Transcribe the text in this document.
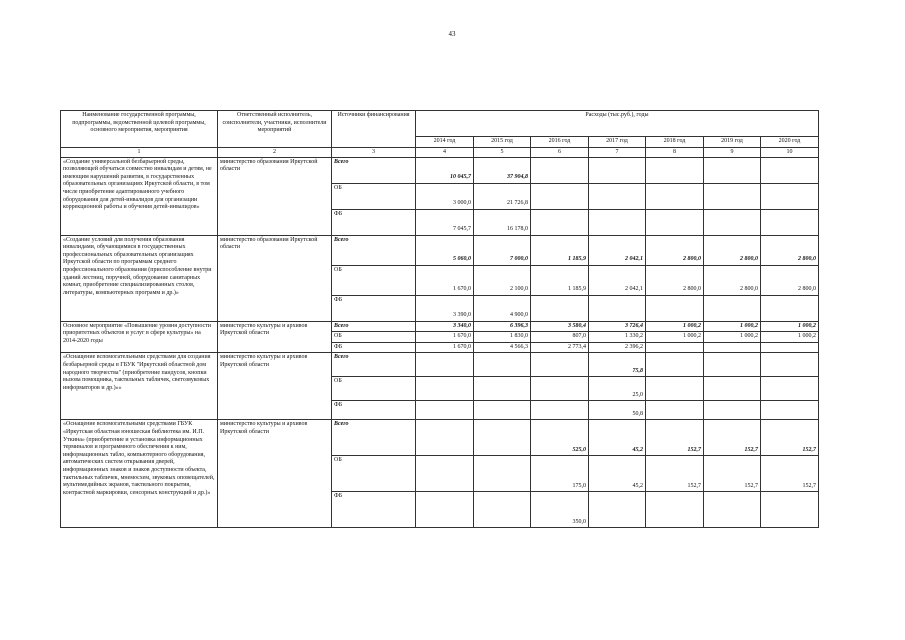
43
Наименование государственной программы, подпрограммы, ведомственной целевой программы, основного мероприятия, мероприятия	Ответственный исполнитель, соисполнители, участники, исполнители мероприятий	Источники финансирования	Расходы (тыс.руб.), годы						
			2014 год	2015 год	2016 год	2017 год	2018 год	2019 год	2020 год
1	2	3	4	5	6	7	8	9	10
«Создание универсальной безбарьерной среды, позволяющей обучаться совместно инвалидам и детям, не имеющим нарушений развития, в государственных образовательных организациях Иркутской области, в том числе приобретение адаптированного учебного оборудования для детей-инвалидов для организации коррекционной работы и обучения детей-инвалидов»	министерство образования Иркутской области	Всего	10 045,7	37 904,8					
		ОБ	3 000,0	21 726,8					
		ФБ	7 045,7	16 178,0					
«Создание условий для получения образования инвалидами, обучающимися в государственных профессиональных образовательных организациях Иркутской области по программам среднего профессионального образования (приспособление внутри зданий лестниц, поручней, оборудование санитарных комнат, приобретение специализированных столов, литературы, компьютерных программ и др.)»	министерство образования Иркутской области	Всего	5 060,0	7 000,0	1 185,9	2 042,1	2 800,0	2 800,0	2 800,0
		ОБ	1 670,0	2 100,0	1 185,9	2 042,1	2 800,0	2 800,0	2 800,0
		ФБ	3 390,0	4 900,0					
Основное мероприятие «Повышение уровня доступности приоритетных объектов и услуг в сфере культуры» на 2014-2020 годы	министерство культуры и архивов Иркутской области	Всего	3 340,0	6 396,3	3 580,4	3 726,4	1 000,2	1 000,2	1 000,2
		ОБ	1 670,0	1 830,0	807,0	1 330,2	1 000,2	1 000,2	1 000,2
		ФБ	1 670,0	4 566,3	2 773,4	2 396,2			
«Оснащение вспомогательными средствами для создания безбарьерной среды в ГБУК "Иркутский областной дом народного творчества" (приобретение пандусов, кнопки вызова помощника, тактильных табличек, светозвуковых информаторов и др.)»»	министерство культуры и архивов Иркутской области	Всего				75,8			
		ОБ				25,0			
		ФБ				50,8			
«Оснащение вспомогательными средствами ГБУК «Иркутская областная юношеская библиотека им. И.П. Уткина» (приобретение и установка информационных терминалов и программного обеспечения к ним, информационных табло, компьютерного оборудования, автоматических систем открывания дверей, информационных знаков и знаков доступности объекта, тактильных табличек, мнемосхем, звуковых оповещателей, мультимедийных экранов, тактильного покрытия, контрастной маркировки, сенсорных конструкций и др.)»	министерство культуры и архивов Иркутской области	Всего			525,0	45,2	152,7	152,7	152,7
		ОБ			175,0	45,2	152,7	152,7	152,7
		ФБ			350,0				
